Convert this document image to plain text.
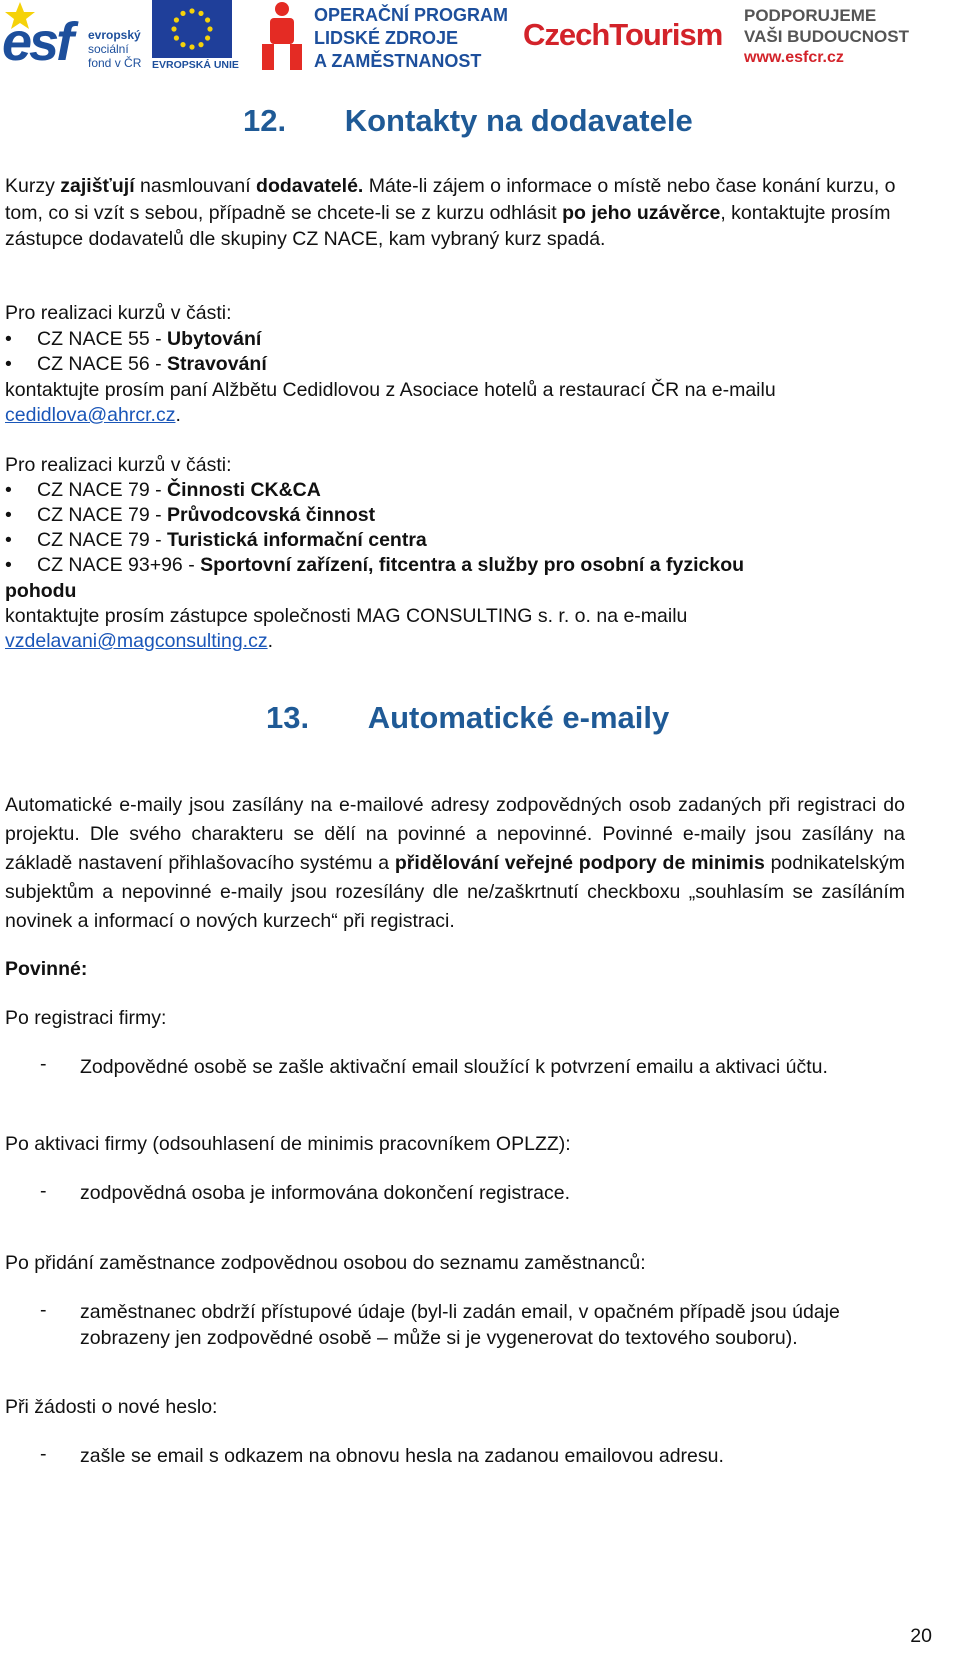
esf evropský
sociální
fond v ČR EVROPSKÁ UNIE
OPERAČNÍ PROGRAM
LIDSKÉ ZDROJE
A ZAMĚSTNANOST
CzechTourism
PODPORUJEME
VAŠI BUDOUCNOST
www.esfcr.cz
12. Kontakty na dodavatele
Kurzy zajišťují nasmlouvaní dodavatelé. Máte-li zájem o informace o místě nebo čase konání kurzu, o tom, co si vzít s sebou, případně se chcete-li se z kurzu odhlásit po jeho uzávěrce, kontaktujte prosím zástupce dodavatelů dle skupiny CZ NACE, kam vybraný kurz spadá.
Pro realizaci kurzů v části:
• CZ NACE 55 - Ubytování
• CZ NACE 56 - Stravování
kontaktujte prosím paní Alžbětu Cedidlovou z Asociace hotelů a restaurací ČR na e-mailu
cedidlova@ahrcr.cz.
Pro realizaci kurzů v části:
• CZ NACE 79 - Činnosti CK&CA
• CZ NACE 79 - Průvodcovská činnost
• CZ NACE 79 - Turistická informační centra
• CZ NACE 93+96 - Sportovní zařízení, fitcentra a služby pro osobní a fyzickou
pohodu
kontaktujte prosím zástupce společnosti MAG CONSULTING s. r. o. na e-mailu
vzdelavani@magconsulting.cz.
13. Automatické e-maily
Automatické e-maily jsou zasílány na e-mailové adresy zodpovědných osob zadaných při registraci do projektu. Dle svého charakteru se dělí na povinné a nepovinné. Povinné e-maily jsou zasílány na základě nastavení přihlašovacího systému a přidělování veřejné podpory de minimis podnikatelským subjektům a nepovinné e-maily jsou rozesílány dle ne/zaškrtnutí checkboxu „souhlasím se zasíláním novinek a informací o nových kurzech“ při registraci.
Povinné:
Po registraci firmy:
- Zodpovědné osobě se zašle aktivační email sloužící k potvrzení emailu a aktivaci účtu.
Po aktivaci firmy (odsouhlasení de minimis pracovníkem OPLZZ):
- zodpovědná osoba je informována dokončení registrace.
Po přidání zaměstnance zodpovědnou osobou do seznamu zaměstnanců:
- zaměstnanec obdrží přístupové údaje (byl-li zadán email, v opačném případě jsou údaje zobrazeny jen zodpovědné osobě – může si je vygenerovat do textového souboru).
Při žádosti o nové heslo:
- zašle se email s odkazem na obnovu hesla na zadanou emailovou adresu.
20
